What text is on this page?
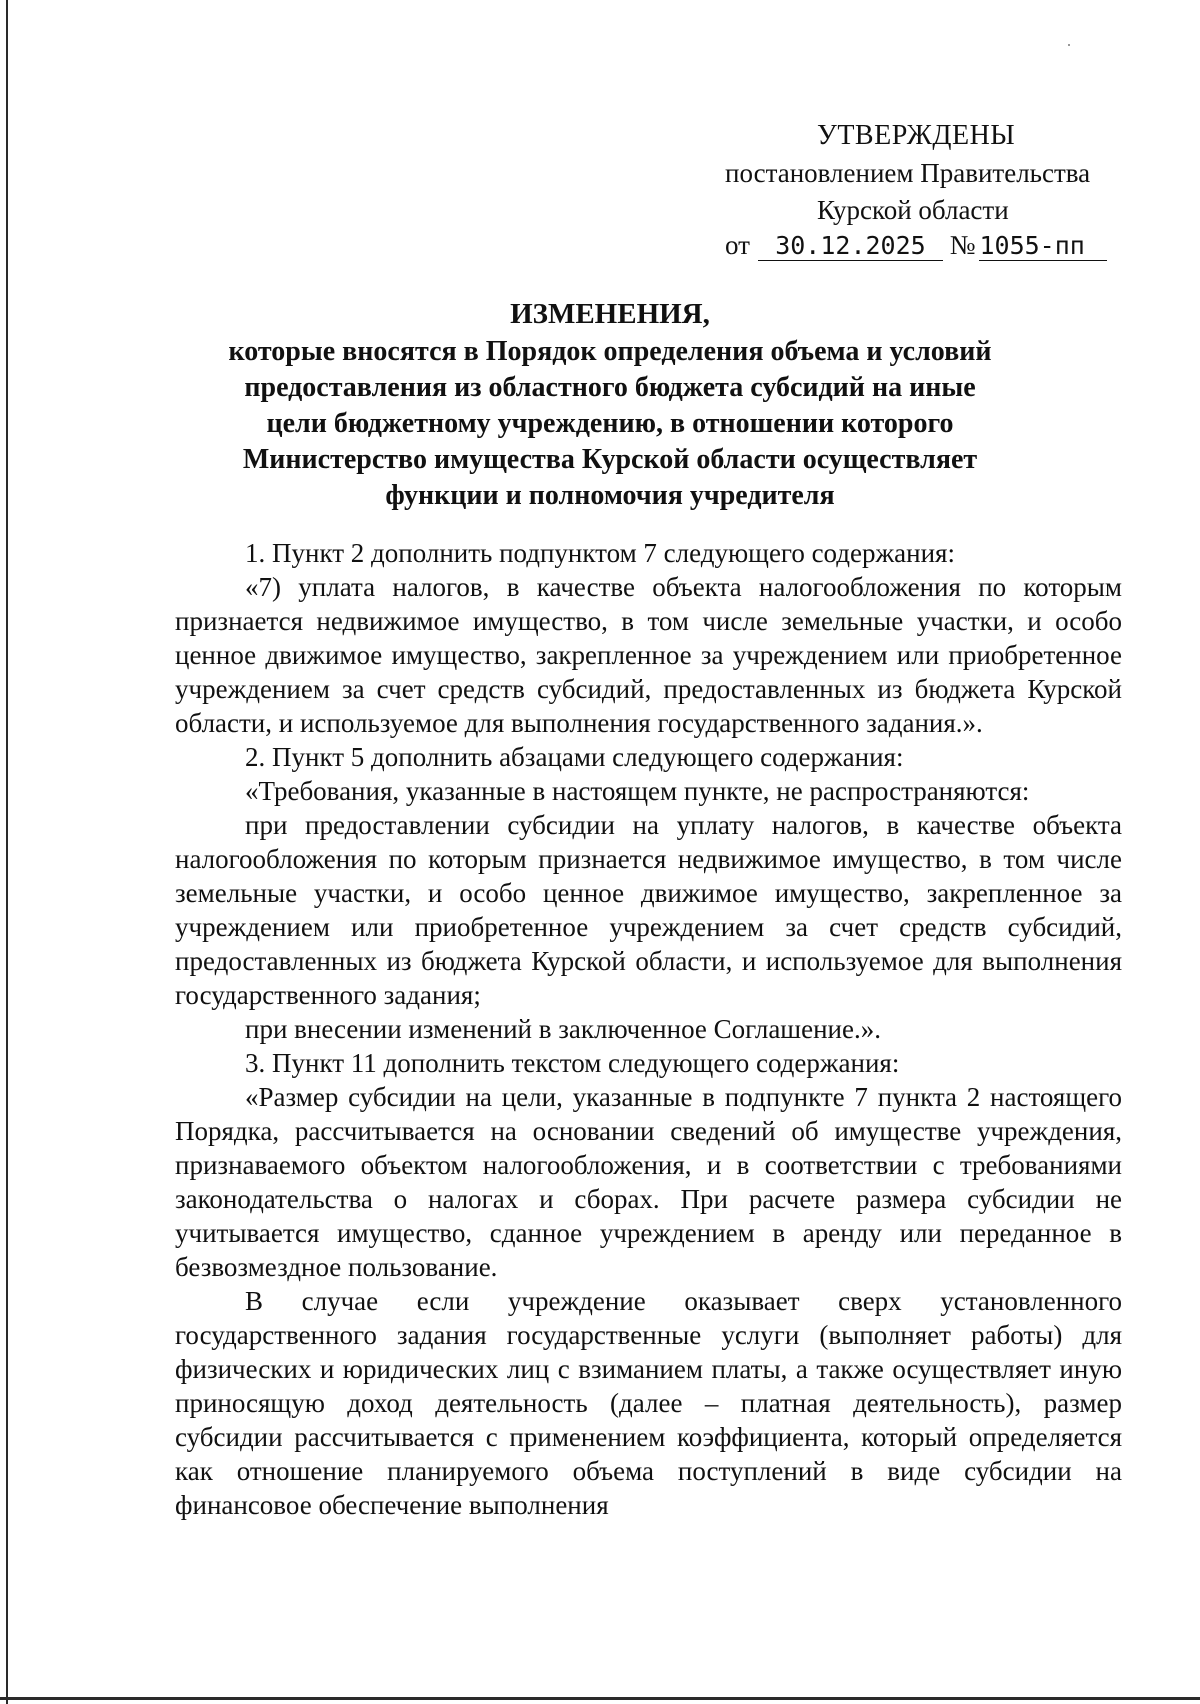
УТВЕРЖДЕНЫ
постановлением Правительства
Курской области
от 30.12.2025 № 1055-пп
ИЗМЕНЕНИЯ,
которые вносятся в Порядок определения объема и условий
предоставления из областного бюджета субсидий на иные
цели бюджетному учреждению, в отношении которого
Министерство имущества Курской области осуществляет
функции и полномочия учредителя

1. Пункт 2 дополнить подпунктом 7 следующего содержания:

«7) уплата налогов, в качестве объекта налогообложения по которым признается недвижимое имущество, в том числе земельные участки, и особо ценное движимое имущество, закрепленное за учреждением или приобретенное учреждением за счет средств субсидий, предоставленных из бюджета Курской области, и используемое для выполнения государственного задания.».

2. Пункт 5 дополнить абзацами следующего содержания:

«Требования, указанные в настоящем пункте, не распространяются:

при предоставлении субсидии на уплату налогов, в качестве объекта налогообложения по которым признается недвижимое имущество, в том числе земельные участки, и особо ценное движимое имущество, закрепленное за учреждением или приобретенное учреждением за счет средств субсидий, предоставленных из бюджета Курской области, и используемое для выполнения государственного задания;

при внесении изменений в заключенное Соглашение.».

3. Пункт 11 дополнить текстом следующего содержания:

«Размер субсидии на цели, указанные в подпункте 7 пункта 2 настоящего Порядка, рассчитывается на основании сведений об имуществе учреждения, признаваемого объектом налогообложения, и в соответствии с требованиями законодательства о налогах и сборах. При расчете размера субсидии не учитывается имущество, сданное учреждением в аренду или переданное в безвозмездное пользование.

В случае если учреждение оказывает сверх установленного государственного задания государственные услуги (выполняет работы) для физических и юридических лиц с взиманием платы, а также осуществляет иную приносящую доход деятельность (далее – платная деятельность), размер субсидии рассчитывается с применением коэффициента, который определяется как отношение планируемого объема поступлений в виде субсидии на финансовое обеспечение выполнения
